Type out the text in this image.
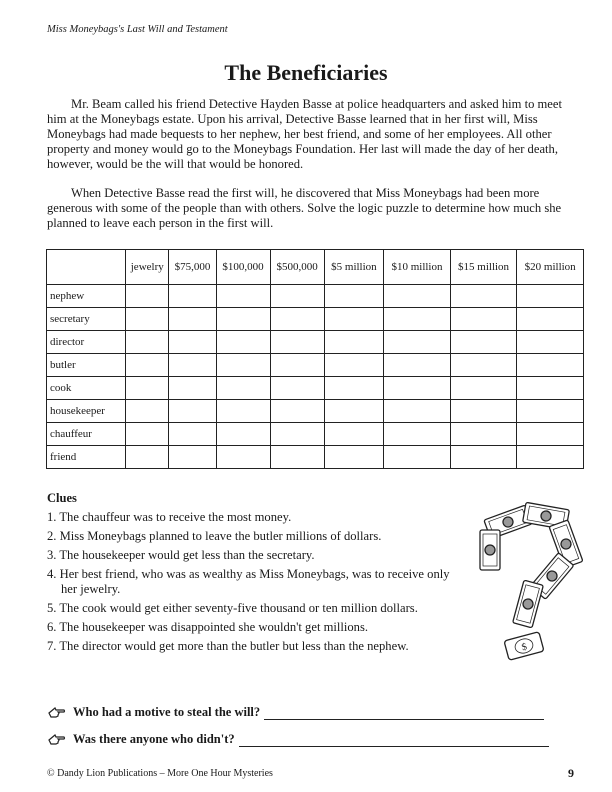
Miss Moneybags's Last Will and Testament
The Beneficiaries

Mr. Beam called his friend Detective Hayden Basse at police headquarters and asked him to meet him at the Moneybags estate. Upon his arrival, Detective Basse learned that in her first will, Miss Moneybags had made bequests to her nephew, her best friend, and some of her employees. All other property and money would go to the Moneybags Foundation. Her last will made the day of her death, however, would be the will that would be honored.

When Detective Basse read the first will, he discovered that Miss Moneybags had been more generous with some of the people than with others. Solve the logic puzzle to determine how much she planned to leave each person in the first will.

	jewelry	$75,000	$100,000	$500,000	$5 million	$10 million	$15 million	$20 million
nephew								
secretary								
director								
butler								
cook								
housekeeper								
chauffeur								
friend								
Clues
1. The chauffeur was to receive the most money.
2. Miss Moneybags planned to leave the butler millions of dollars.
3. The housekeeper would get less than the secretary.
4. Her best friend, who was as wealthy as Miss Moneybags, was to receive only her jewelry.
5. The cook would get either seventy-five thousand or ten million dollars.
6. The housekeeper was disappointed she wouldn't get millions.
7. The director would get more than the butler but less than the nephew.	$
Who had a motive to steal the will?
Was there anyone who didn't?
© Dandy Lion Publications – More One Hour Mysteries	9
